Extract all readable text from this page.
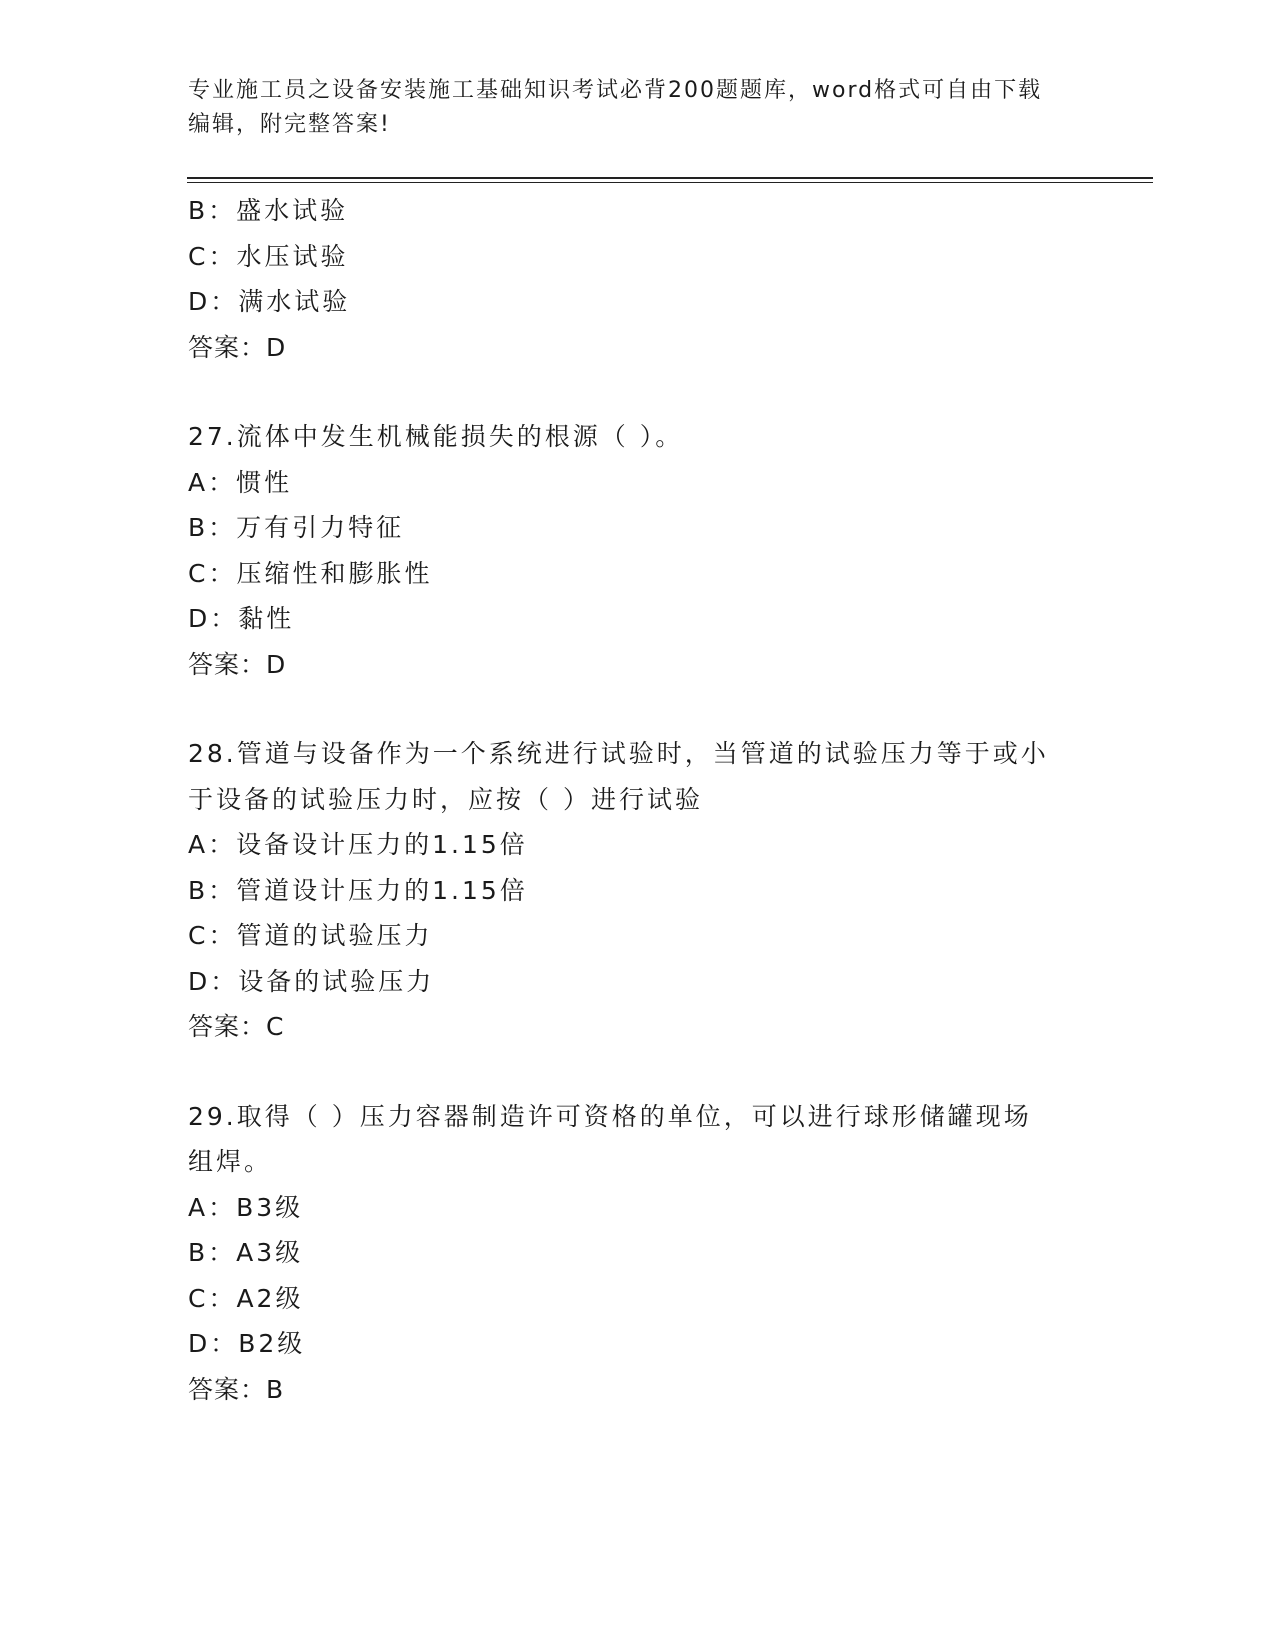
专业施工员之设备安装施工基础知识考试必背200题题库，word格式可自由下载
编辑，附完整答案!
B：盛水试验
C：水压试验
D：满水试验
答案：D
27.流体中发生机械能损失的根源（ ）。
A：惯性
B：万有引力特征
C：压缩性和膨胀性
D：黏性
答案：D
28.管道与设备作为一个系统进行试验时，当管道的试验压力等于或小
于设备的试验压力时，应按（ ）进行试验
A：设备设计压力的1.15倍
B：管道设计压力的1.15倍
C：管道的试验压力
D：设备的试验压力
答案：C
29.取得（ ）压力容器制造许可资格的单位，可以进行球形储罐现场
组焊。
A：B3级
B：A3级
C：A2级
D：B2级
答案：B
